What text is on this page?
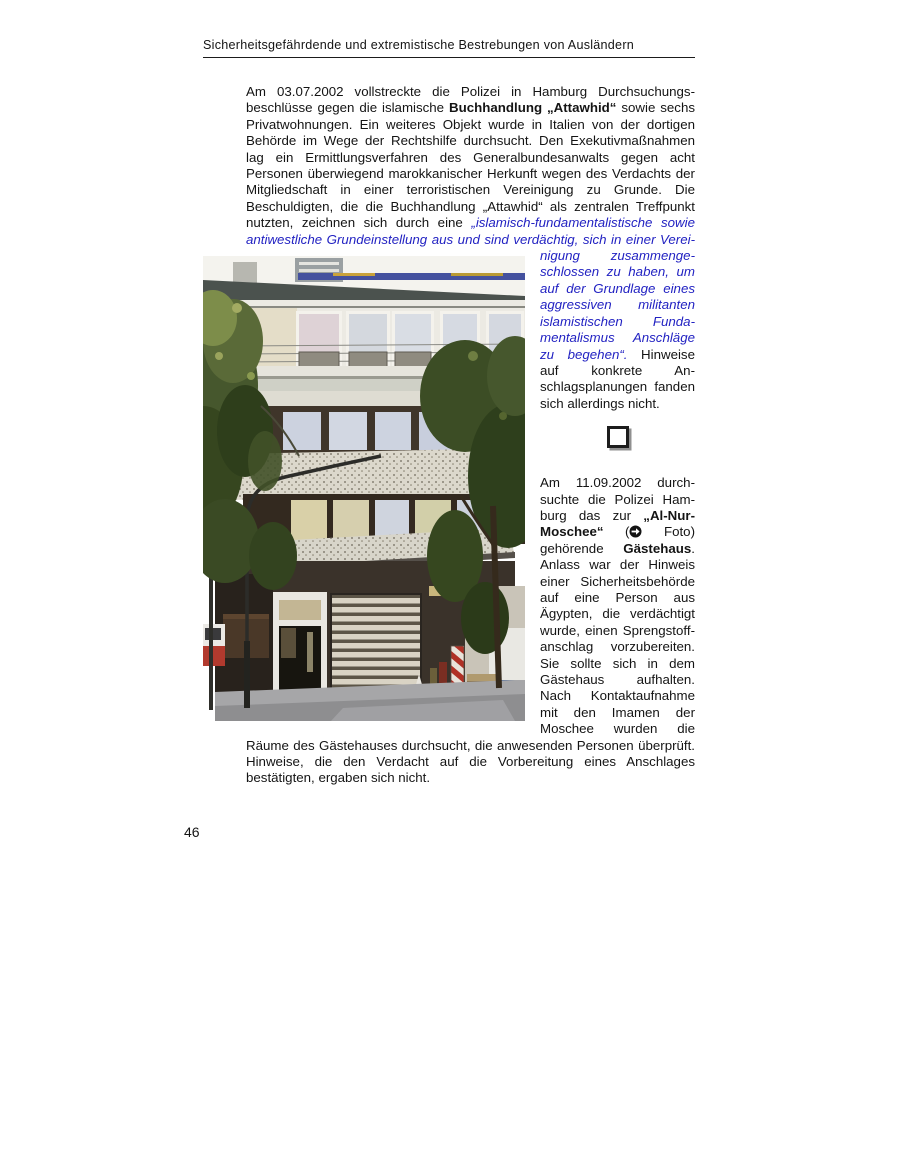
Sicherheitsgefährdende und extremistische Bestrebungen von Ausländern

Am 03.07.2002 vollstreckte die Polizei in Hamburg Durchsuchungsbeschlüsse gegen die islamische Buchhandlung „Attawhid“ sowie sechs Privatwohnungen. Ein weiteres Objekt wurde in Italien von der dortigen Behörde im Wege der Rechtshilfe durchsucht. Den Exekutivmaßnahmen lag ein Ermittlungsverfahren des Generalbundesanwalts gegen acht Personen überwiegend marokkanischer Herkunft wegen des Verdachts der Mitgliedschaft in einer terroristischen Vereinigung zu Grunde. Die Beschuldigten, die die Buchhandlung „Attawhid“ als zentralen Treffpunkt nutzten, zeichnen sich durch eine „islamisch-fundamentalistische sowie antiwestliche Grundeinstellung
aus und sind verdächtig, sich in einer Vereinigung zusammengeschlossen zu haben, um auf der Grundlage eines aggressiven militanten islamistischen Fundamentalismus Anschläge zu begehen“. Hinweise auf konkrete Anschlagsplanungen fanden sich allerdings nicht.

Am 11.09.2002 durchsuchte die Polizei Hamburg das zur „Al-Nur-Moschee“ (
Foto) gehörende Gästehaus. Anlass war der Hinweis einer Sicherheitsbehörde auf eine Person aus Ägypten, die verdächtigt wurde, einen Sprengstoffanschlag vorzubereiten. Sie sollte sich in dem Gästehaus aufhalten. Nach Kontaktaufnahme mit den Imamen der Moschee wurden die Räume des Gästehauses durchsucht, die anwesenden Personen überprüft. Hinweise, die den Verdacht auf die Vorbereitung eines Anschlages bestätigten, ergaben sich nicht.

46
